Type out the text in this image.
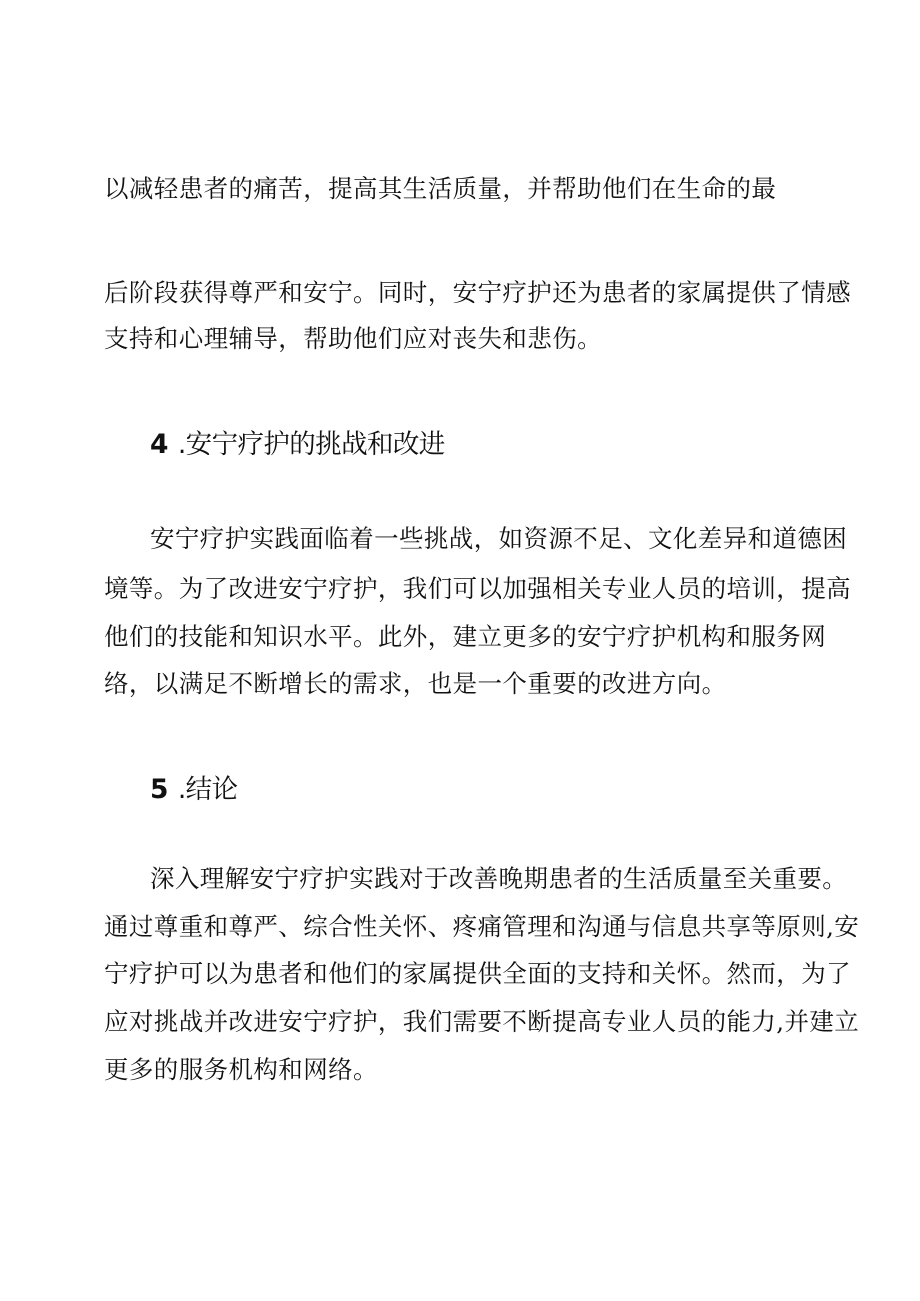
以减轻患者的痛苦，提高其生活质量，并帮助他们在生命的最
后阶段获得尊严和安宁。同时，安宁疗护还为患者的家属提供了情感
支持和心理辅导，帮助他们应对丧失和悲伤。
4 .安宁疗护的挑战和改进
安宁疗护实践面临着一些挑战，如资源不足、文化差异和道德困
境等。为了改进安宁疗护，我们可以加强相关专业人员的培训，提高
他们的技能和知识水平。此外，建立更多的安宁疗护机构和服务网
络，以满足不断增长的需求，也是一个重要的改进方向。
5 .结论
深入理解安宁疗护实践对于改善晚期患者的生活质量至关重要。
通过尊重和尊严、综合性关怀、疼痛管理和沟通与信息共享等原则,安
宁疗护可以为患者和他们的家属提供全面的支持和关怀。然而，为了
应对挑战并改进安宁疗护，我们需要不断提高专业人员的能力,并建立
更多的服务机构和网络。
